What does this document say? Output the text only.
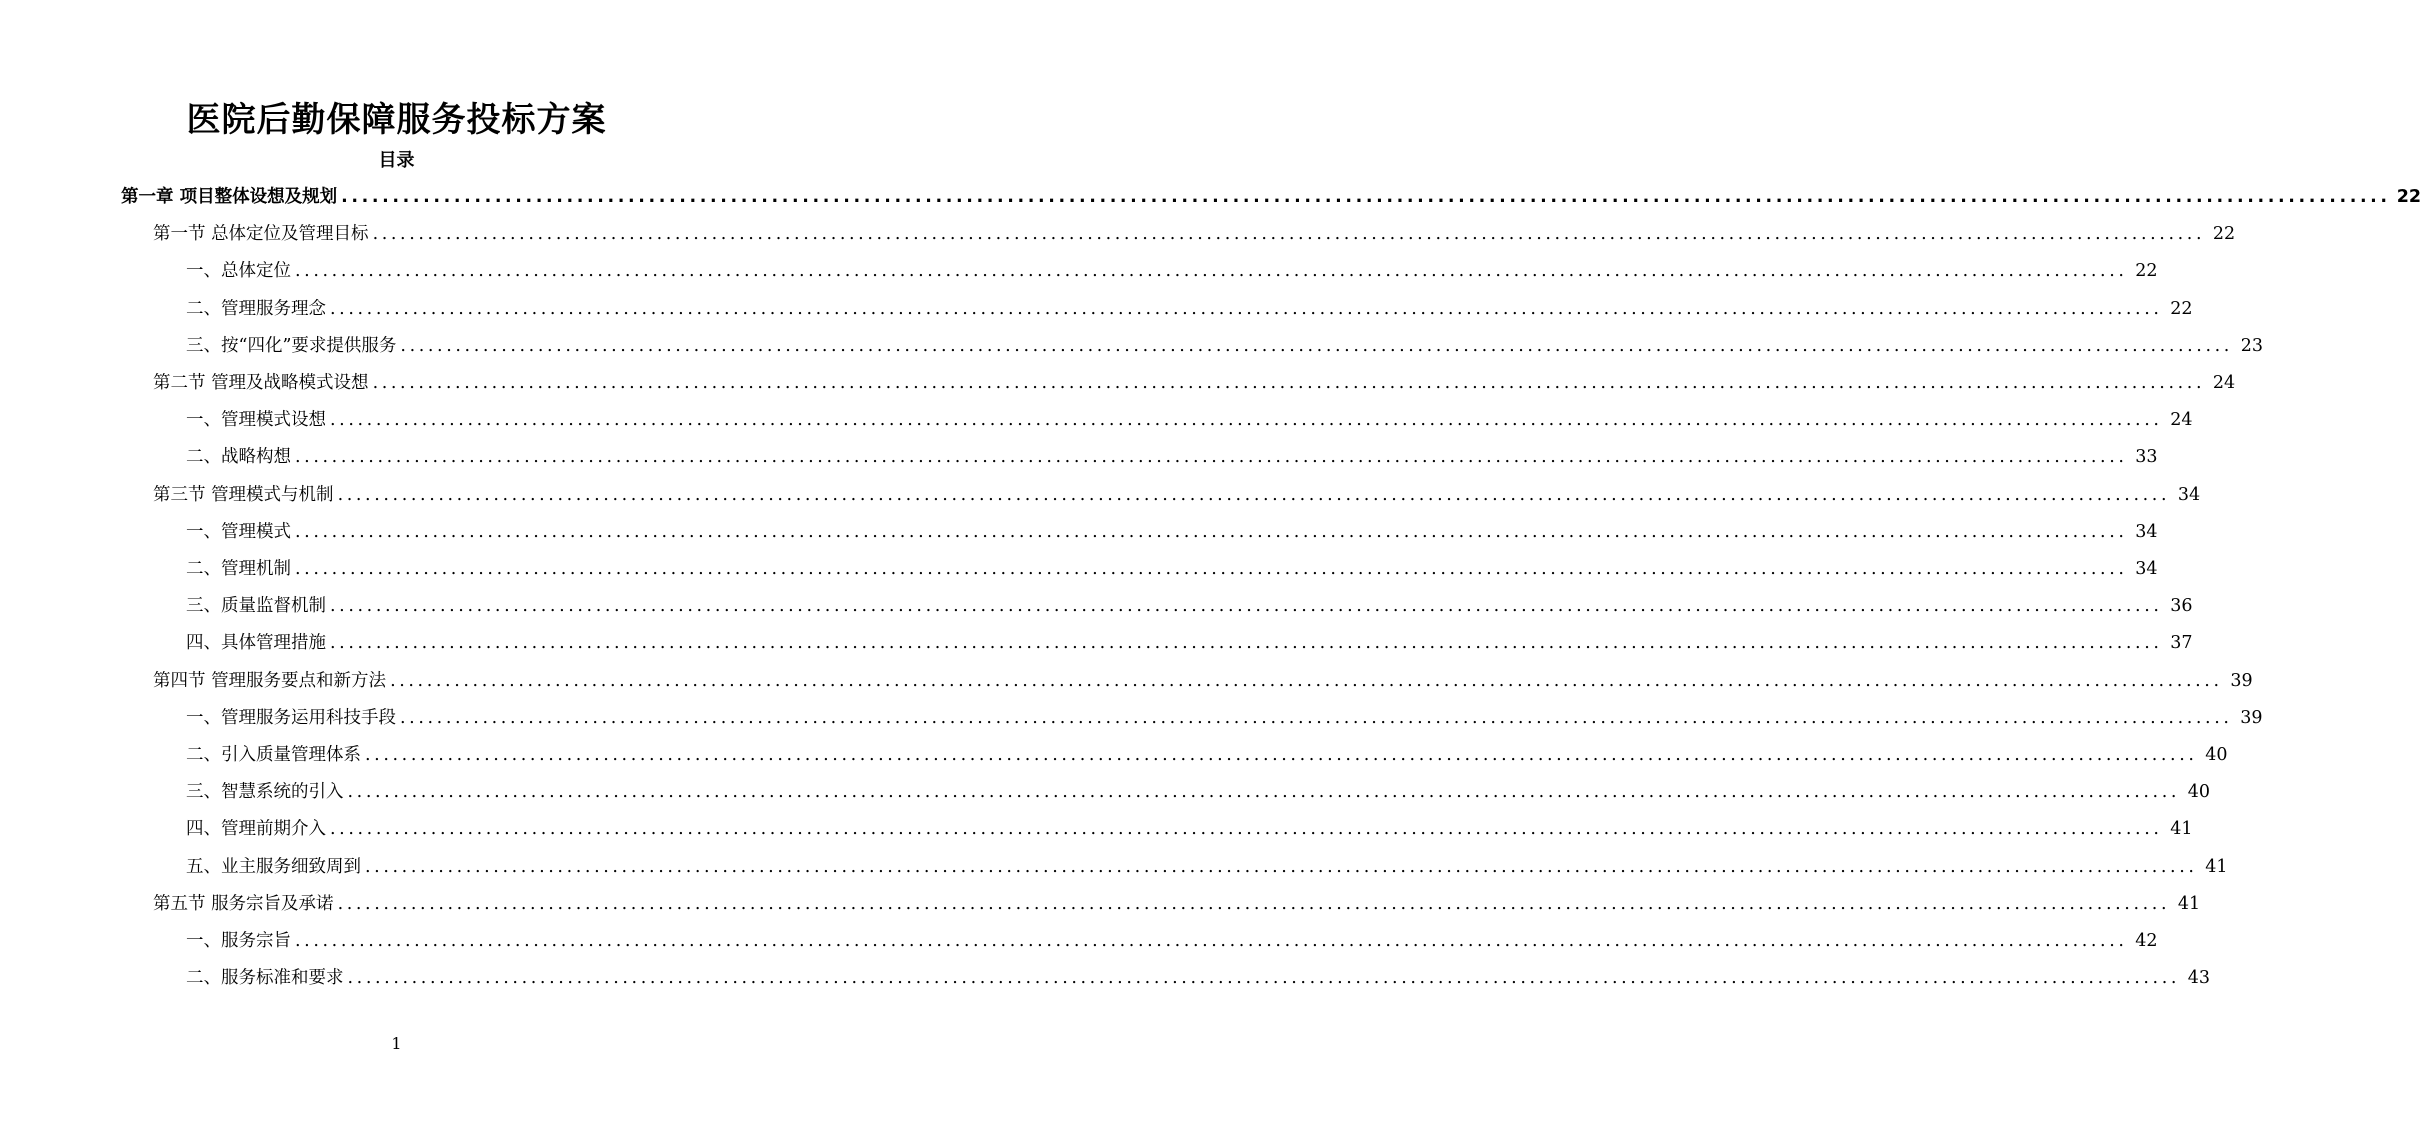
医院后勤保障服务投标方案
目录
第一章 项目整体设想及规划 ........................................................................................................................................................................................................ 22
第一节 总体定位及管理目标 ........................................................................................................................................................................................................ 22
一、总体定位 ........................................................................................................................................................................................................ 22
二、管理服务理念 ........................................................................................................................................................................................................ 22
三、按“四化”要求提供服务 ........................................................................................................................................................................................................ 23
第二节 管理及战略模式设想 ........................................................................................................................................................................................................ 24
一、管理模式设想 ........................................................................................................................................................................................................ 24
二、战略构想 ........................................................................................................................................................................................................ 33
第三节 管理模式与机制 ........................................................................................................................................................................................................ 34
一、管理模式 ........................................................................................................................................................................................................ 34
二、管理机制 ........................................................................................................................................................................................................ 34
三、质量监督机制 ........................................................................................................................................................................................................ 36
四、具体管理措施 ........................................................................................................................................................................................................ 37
第四节 管理服务要点和新方法 ........................................................................................................................................................................................................ 39
一、管理服务运用科技手段 ........................................................................................................................................................................................................ 39
二、引入质量管理体系 ........................................................................................................................................................................................................ 40
三、智慧系统的引入 ........................................................................................................................................................................................................ 40
四、管理前期介入 ........................................................................................................................................................................................................ 41
五、业主服务细致周到 ........................................................................................................................................................................................................ 41
第五节 服务宗旨及承诺 ........................................................................................................................................................................................................ 41
一、服务宗旨 ........................................................................................................................................................................................................ 42
二、服务标准和要求 ........................................................................................................................................................................................................ 43
1
